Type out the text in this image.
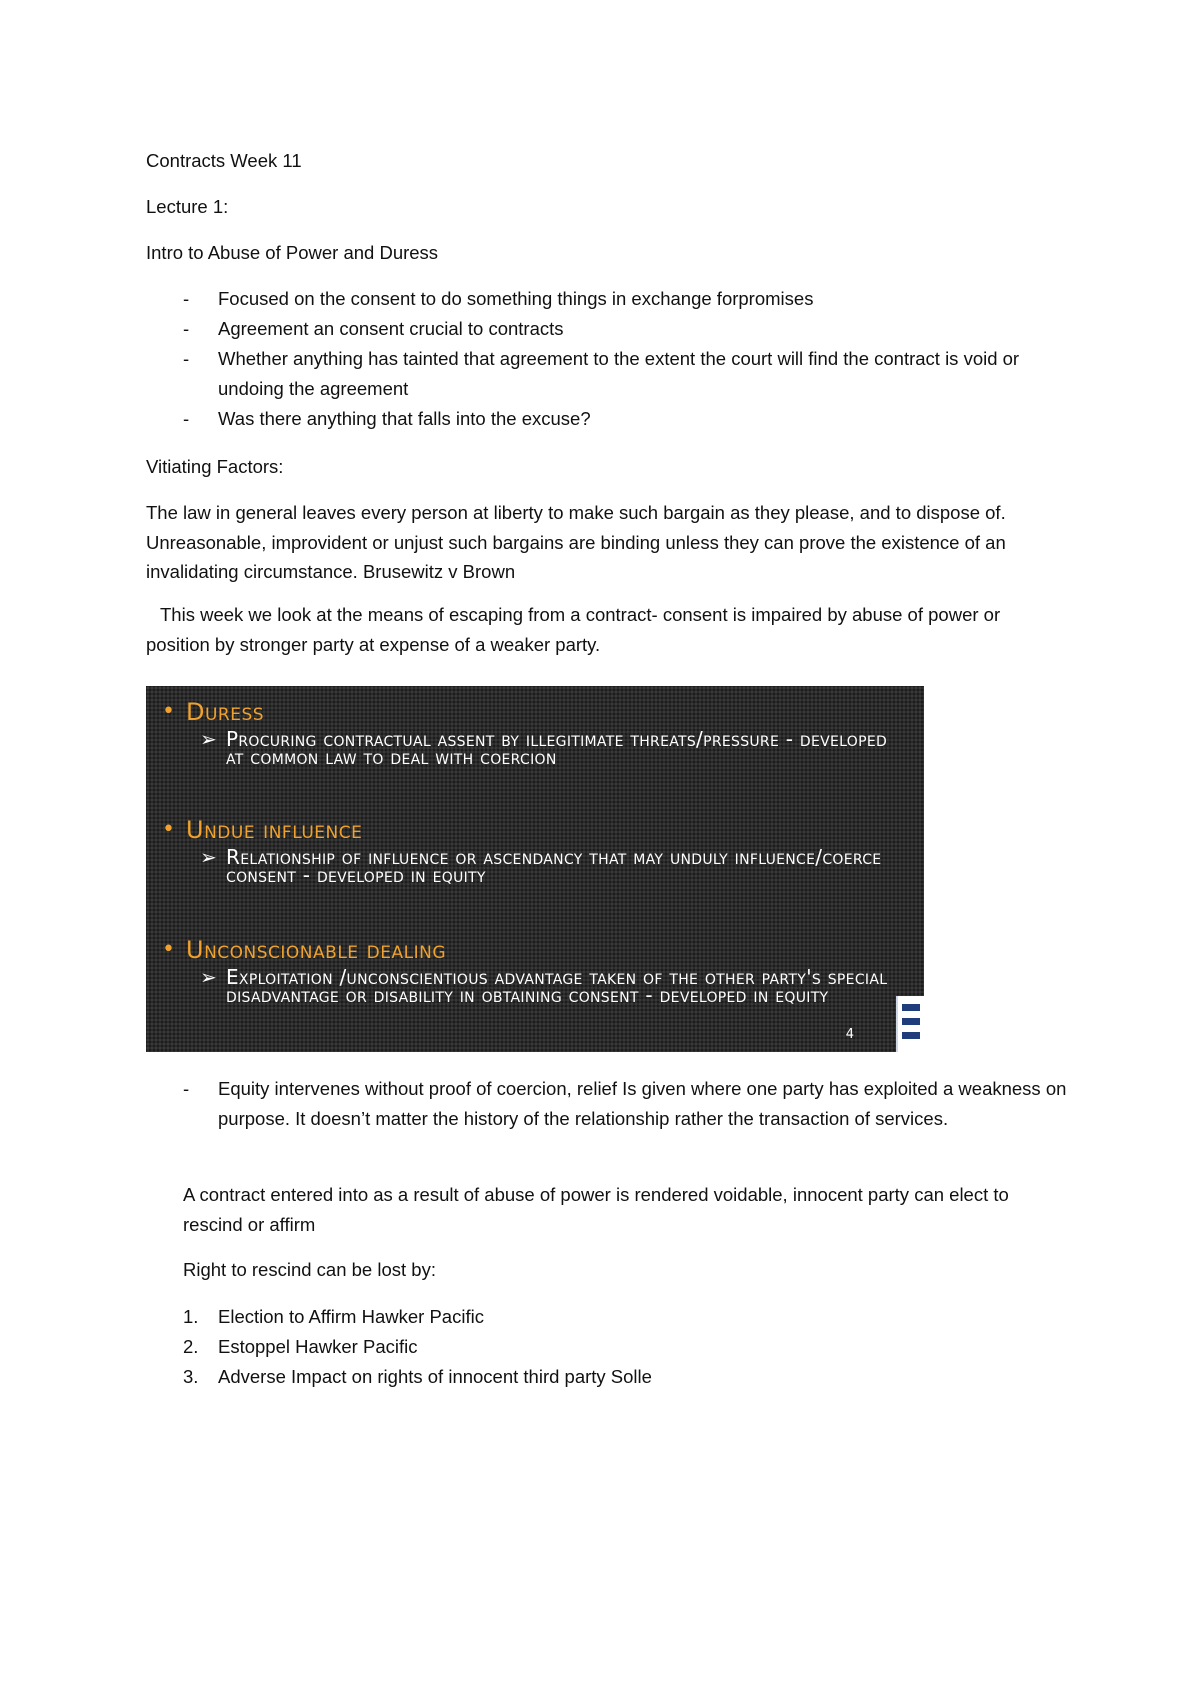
Contracts Week 11

Lecture 1:

Intro to Abuse of Power and Duress

- Focused on the consent to do something things in exchange forpromises
- Agreement an consent crucial to contracts
- Whether anything has tainted that agreement to the extent the court will find the contract is void or undoing the agreement
- Was there anything that falls into the excuse?

Vitiating Factors:

The law in general leaves every person at liberty to make such bargain as they please, and to dispose of. Unreasonable, improvident or unjust such bargains are binding unless they can prove the existence of an invalidating circumstance. Brusewitz v Brown

This week we look at the means of escaping from a contract- consent is impaired by abuse of power or position by stronger party at expense of a weaker party.

• Duress
➢ Procuring contractual assent by illegitimate threats/pressure - developed at common law to deal with coercion
• Undue influence
➢ Relationship of influence or ascendancy that may unduly influence/coerce consent - developed in equity
• Unconscionable dealing
➢ Exploitation /unconscientious advantage taken of the other party's special disadvantage or disability in obtaining consent - developed in equity
4
- Equity intervenes without proof of coercion, relief Is given where one party has exploited a weakness on purpose. It doesn’t matter the history of the relationship rather the transaction of services.

A contract entered into as a result of abuse of power is rendered voidable, innocent party can elect to rescind or affirm

Right to rescind can be lost by:

1. Election to Affirm Hawker Pacific
2. Estoppel Hawker Pacific
3. Adverse Impact on rights of innocent third party Solle
